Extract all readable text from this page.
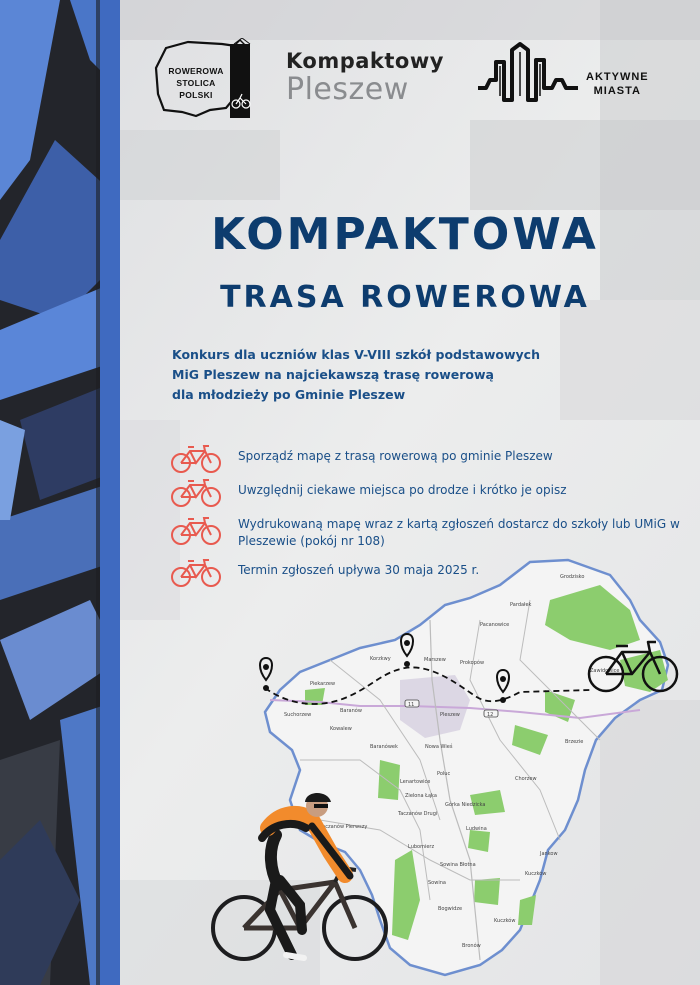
ROWEROWA
STOLICA
POLSKI
Kompaktowy
Pleszew	AKTYWNE
MIASTA
KOMPAKTOWA
TRASA ROWEROWA
Konkurs dla uczniów klas V-VIII szkół podstawowych
MiG Pleszew na najciekawszą trasę rowerową
dla młodzieży po Gminie Pleszew
Sporządź mapę z trasą rowerową po gminie Pleszew
Uwzględnij ciekawe miejsca po drodze i krótko je opisz
Wydrukowaną mapę wraz z kartą zgłoszeń dostarcz do szkoły lub UMiG w Pleszewie (pokój nr 108)
Termin zgłoszeń upływa 30 maja 2025 r.
11
12
Grodzisko
Pardałek
Pacanowice
Zawidowice
Korzkwy	Marszew	Prokopów
Piekarzew
Suchorzew
Baranów
Kowalew
Pleszew
Baranówek	Nowa Wieś
Brzezie
Poluc
Chorzew
Lenartowice
Zielona Łąka
Górka Niedzicka
Taczanów Drugi
Taczanów Pierwszy	Ludwina
Lubomierz
Jankow
Kuczków
Sowina Błotna
Sowina
Bogwidze
Bronów
Kuczków
